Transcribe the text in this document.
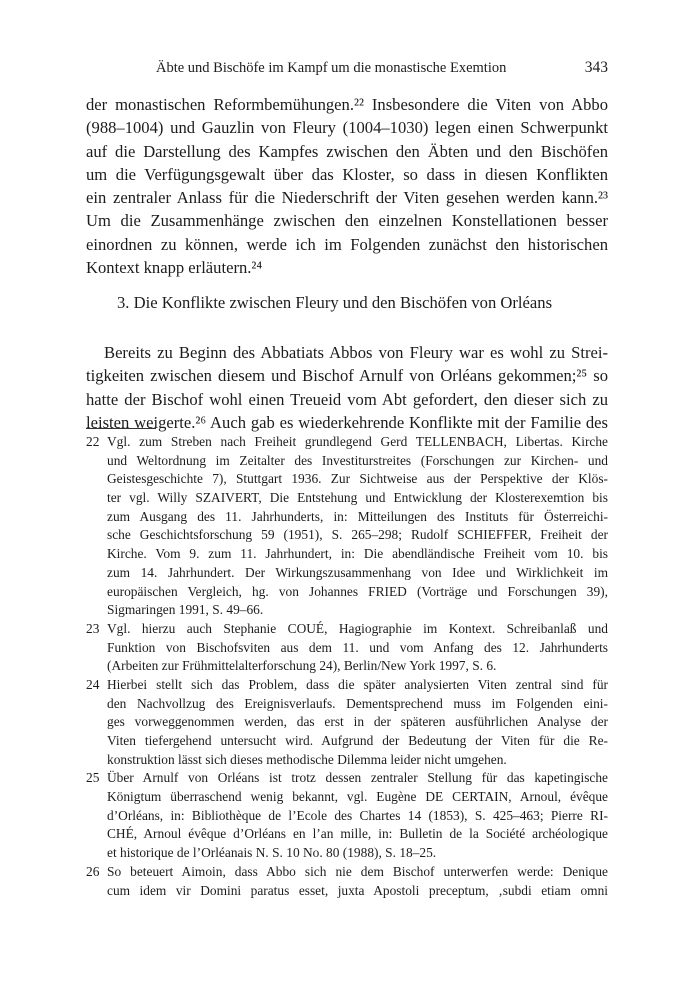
Äbte und Bischöfe im Kampf um die monastische Exemtion	343
der monastischen Reformbemühungen.²² Insbesondere die Viten von Abbo
(988–1004) und Gauzlin von Fleury (1004–1030) legen einen Schwerpunkt
auf die Darstellung des Kampfes zwischen den Äbten und den Bischöfen
um die Verfügungsgewalt über das Kloster, so dass in diesen Konflikten
ein zentraler Anlass für die Niederschrift der Viten gesehen werden kann.²³
Um die Zusammenhänge zwischen den einzelnen Konstellationen besser
einordnen zu können, werde ich im Folgenden zunächst den historischen
Kontext knapp erläutern.²⁴
3. Die Konflikte zwischen Fleury und den Bischöfen von Orléans
Bereits zu Beginn des Abbatiats Abbos von Fleury war es wohl zu Strei-
tigkeiten zwischen diesem und Bischof Arnulf von Orléans gekommen;²⁵ so
hatte der Bischof wohl einen Treueid vom Abt gefordert, den dieser sich zu
leisten weigerte.²⁶ Auch gab es wiederkehrende Konflikte mit der Familie des
22 Vgl. zum Streben nach Freiheit grundlegend Gerd TELLENBACH, Libertas. Kirche
und Weltordnung im Zeitalter des Investiturstreites (Forschungen zur Kirchen- und
Geistesgeschichte 7), Stuttgart 1936. Zur Sichtweise aus der Perspektive der Klös-
ter vgl. Willy SZAIVERT, Die Entstehung und Entwicklung der Klosterexemtion bis
zum Ausgang des 11. Jahrhunderts, in: Mitteilungen des Instituts für Österreichi-
sche Geschichtsforschung 59 (1951), S. 265–298; Rudolf SCHIEFFER, Freiheit der
Kirche. Vom 9. zum 11. Jahrhundert, in: Die abendländische Freiheit vom 10. bis
zum 14. Jahrhundert. Der Wirkungszusammenhang von Idee und Wirklichkeit im
europäischen Vergleich, hg. von Johannes FRIED (Vorträge und Forschungen 39),
Sigmaringen 1991, S. 49–66.
23 Vgl. hierzu auch Stephanie COUÉ, Hagiographie im Kontext. Schreibanlaß und
Funktion von Bischofsviten aus dem 11. und vom Anfang des 12. Jahrhunderts
(Arbeiten zur Frühmittelalterforschung 24), Berlin/New York 1997, S. 6.
24 Hierbei stellt sich das Problem, dass die später analysierten Viten zentral sind für
den Nachvollzug des Ereignisverlaufs. Dementsprechend muss im Folgenden eini-
ges vorweggenommen werden, das erst in der späteren ausführlichen Analyse der
Viten tiefergehend untersucht wird. Aufgrund der Bedeutung der Viten für die Re-
konstruktion lässt sich dieses methodische Dilemma leider nicht umgehen.
25 Über Arnulf von Orléans ist trotz dessen zentraler Stellung für das kapetingische
Königtum überraschend wenig bekannt, vgl. Eugène DE CERTAIN, Arnoul, évêque
d’Orléans, in: Bibliothèque de l’Ecole des Chartes 14 (1853), S. 425–463; Pierre RI-
CHÉ, Arnoul évêque d’Orléans en l’an mille, in: Bulletin de la Société archéologique
et historique de l’Orléanais N. S. 10 No. 80 (1988), S. 18–25.
26 So beteuert Aimoin, dass Abbo sich nie dem Bischof unterwerfen werde: Denique
cum idem vir Domini paratus esset, juxta Apostoli preceptum, ‚subdi etiam omni
